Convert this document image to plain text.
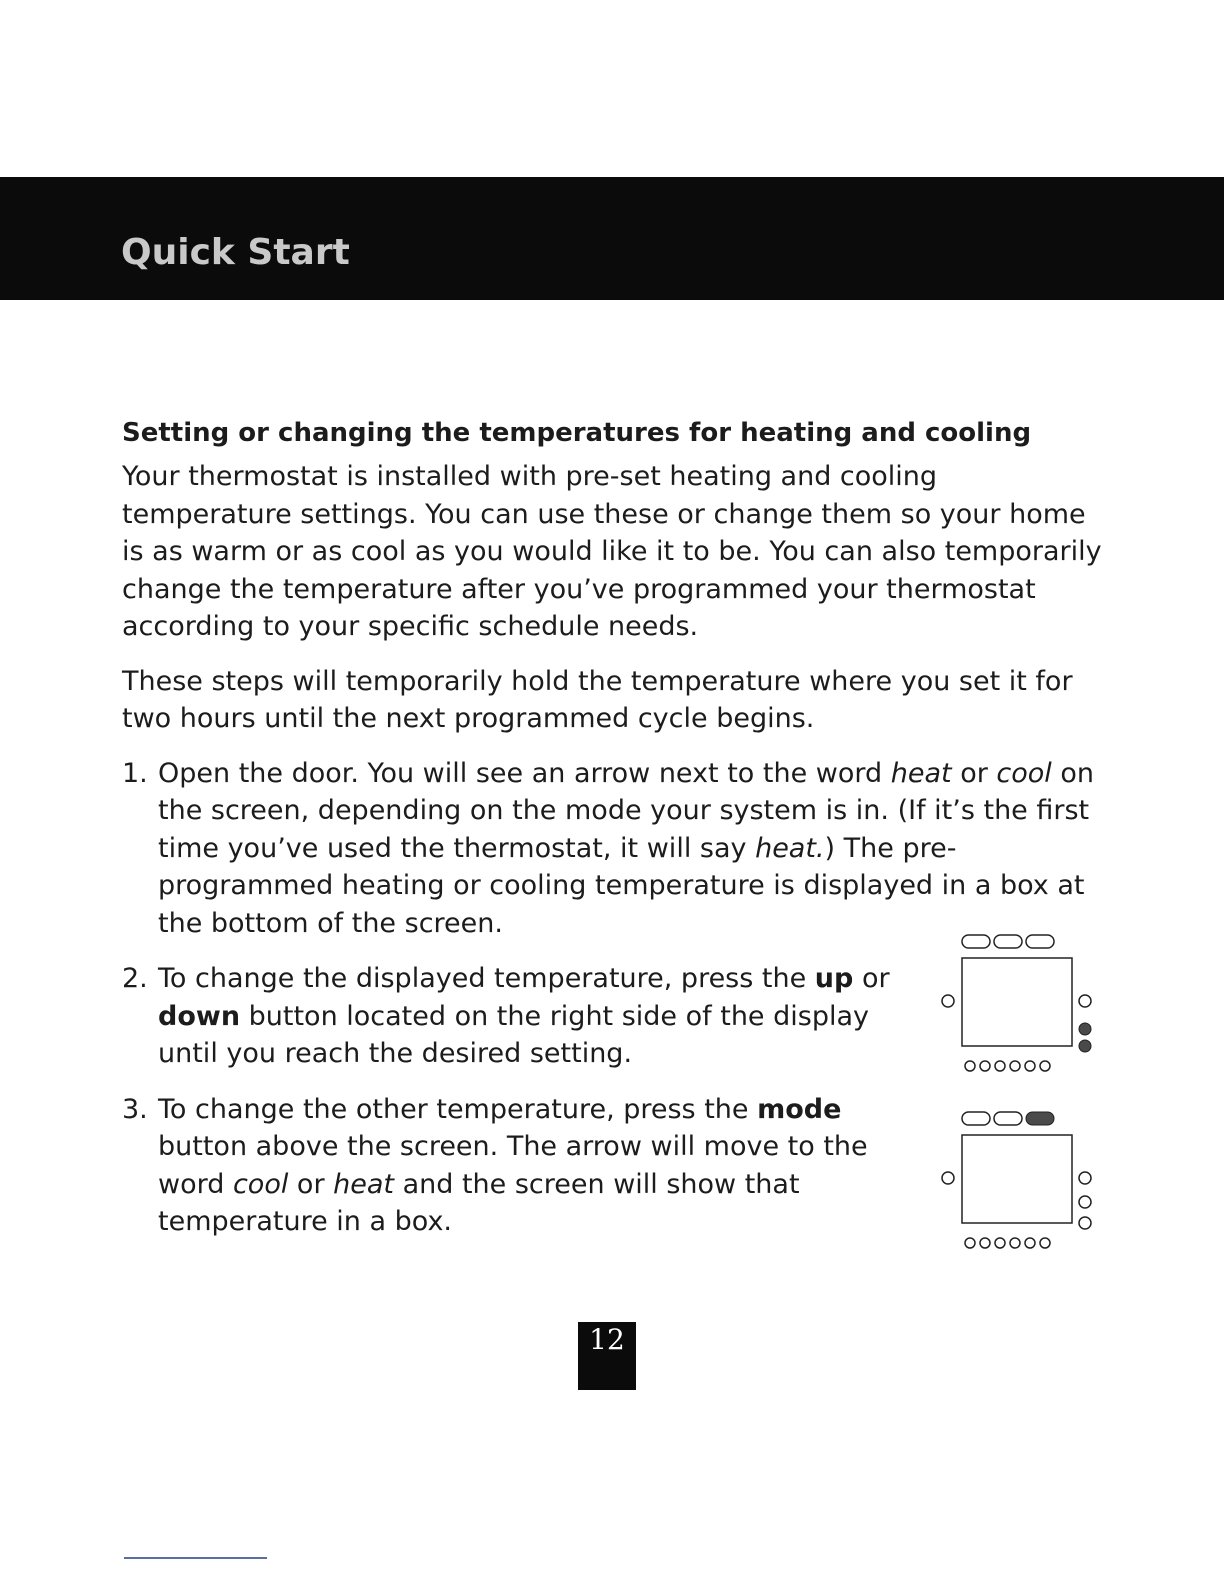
Quick Start
Setting or changing the temperatures for heating and cooling

Your thermostat is installed with pre-set heating and cooling temperature settings. You can use these or change them so your home is as warm or as cool as you would like it to be. You can also temporarily change the temperature after you’ve programmed your thermostat according to your specific schedule needs.

These steps will temporarily hold the temperature where you set it for two hours until the next programmed cycle begins.

1. Open the door. You will see an arrow next to the word heat or cool on the screen, depending on the mode your system is in. (If it’s the first time you’ve used the thermostat, it will say heat.) The pre-programmed heating or cooling temperature is displayed in a box at the bottom of the screen.
2. To change the displayed temperature, press the up or down button located on the right side of the display until you reach the desired setting.
3. To change the other temperature, press the mode button above the screen. The arrow will move to the word cool or heat and the screen will show that temperature in a box.
12
